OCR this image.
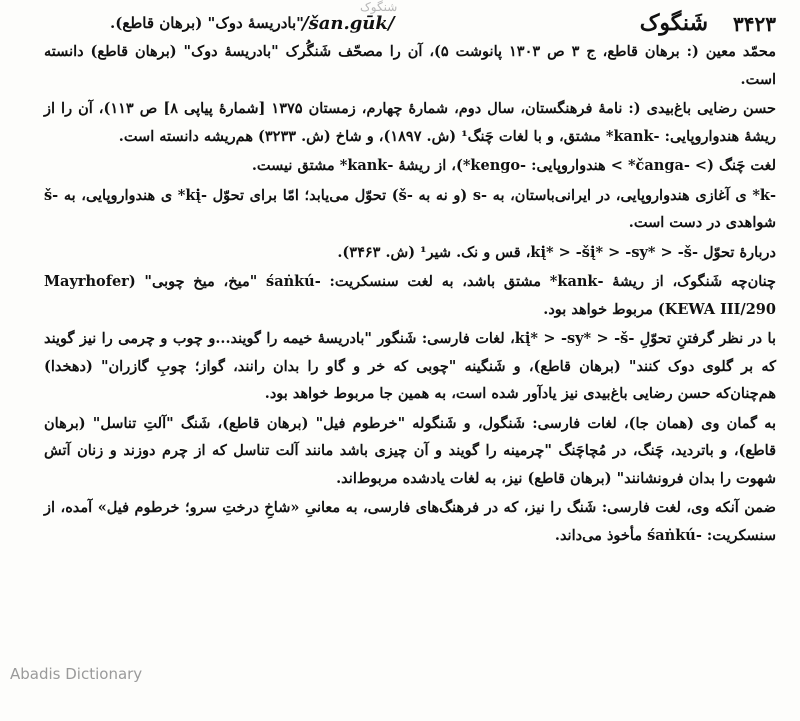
شنگوک
۳۴۲۳
شَنگوک
/šan.gūk/
"بادریسهٔ دوک" (برهان قاطع).

محمّد معین (: برهان قاطع، ج ۳ ص ۱۳۰۳ پانوشت ۵)، آن را مصحّف شَنگُرک "بادریسهٔ دوک" (برهان قاطع) دانسته است.

حسن رضایی باغ‌بیدی (: نامهٔ فرهنگستان، سال دوم، شمارهٔ چهارم، زمستان ۱۳۷۵ [شمارهٔ پیاپی ۸] ص ۱۱۳)، آن را از ریشهٔ هندواروپایی: -kank* مشتق، و با لغات چَنگ¹ (ش. ۱۸۹۷)، و شاخ (ش. ۳۲۳۳) هم‌ریشه دانسته است.

لغت چَنگ (> -čanga* > هندواروپایی: -kengo*)، از ریشهٔ -kank* مشتق نیست.

-k* ی آغازی هندواروپایی، در ایرانی‌باستان، به -s (و نه به -š) تحوّل می‌یابد؛ امّا برای تحوّل -kį* ی هندواروپایی، به -š شواهدی در دست است.

دربارهٔ تحوّل -kį* > -šį* > -sy* > -š، قس و نک. شیر¹ (ش. ۳۴۶۳).

چنان‌چه شَنگوک، از ریشهٔ -kank* مشتق باشد، به لغت سنسکریت: -śaṅkú "میخ، میخ چوبی" (Mayrhofer KEWA III/290) مربوط خواهد بود.

با در نظر گرفتنِ تحوّلِ -kį* > -sy* > -š، لغات فارسی: شَنگور "بادریسهٔ خیمه را گویند...و چوب و چرمی را نیز گویند که بر گلوی دوک کنند" (برهان قاطع)، و شَنگینه "چوبی که خر و گاو را بدان رانند، گواز؛ چوبِ گازران" (دهخدا) هم‌چنان‌که حسن رضایی باغ‌بیدی نیز یادآور شده است، به همین جا مربوط خواهد بود.

به گمان وی (همان جا)، لغات فارسی: شَنگول، و شَنگوله "خرطوم فیل" (برهان قاطع)، شَنگ "آلتِ تناسل" (برهان قاطع)، و باتردید، چَنگ، در مُچاچَنگ "چرمینه را گویند و آن چیزی باشد مانند آلت تناسل که از چرم دوزند و زنان آتش شهوت را بدان فرونشانند" (برهان قاطع) نیز، به لغات یادشده مربوط‌اند.

ضمن آنکه وی، لغت فارسی: شَنگ را نیز، که در فرهنگ‌های فارسی، به معانیِ «شاخِ درختِ سرو؛ خرطوم فیل» آمده، از سنسکریت: -śaṅkú مأخوذ می‌داند.

Abadis Dictionary
